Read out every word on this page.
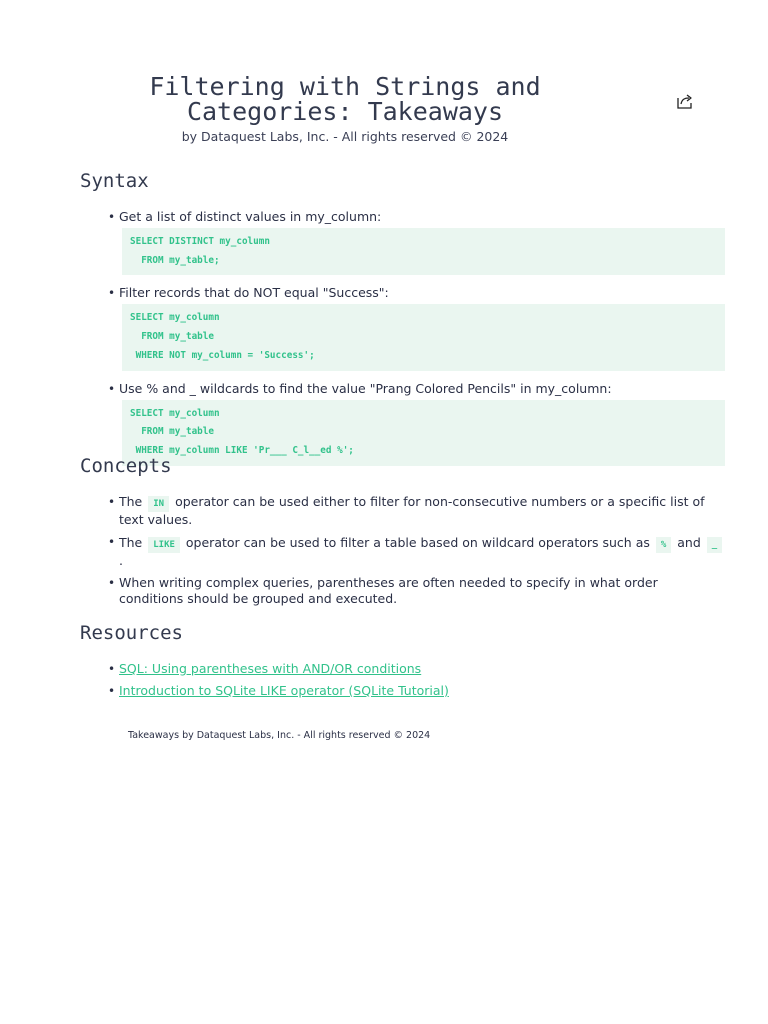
Filtering with Strings and
Categories: Takeaways
by Dataquest Labs, Inc. - All rights reserved © 2024
Syntax
• Get a list of distinct values in my_column:
SELECT DISTINCT my_column
FROM my_table;
• Filter records that do NOT equal "Success":
SELECT my_column
FROM my_table
WHERE NOT my_column = 'Success';
• Use % and _ wildcards to find the value "Prang Colored Pencils" in my_column:
SELECT my_column
FROM my_table
WHERE my_column LIKE 'Pr___ C_l__ed %';
Concepts
• The IN operator can be used either to filter for non-consecutive numbers or a specific list of text values.
• The LIKE operator can be used to filter a table based on wildcard operators such as % and _.
• When writing complex queries, parentheses are often needed to specify in what order conditions should be grouped and executed.
Resources
• SQL: Using parentheses with AND/OR conditions
• Introduction to SQLite LIKE operator (SQLite Tutorial)
Takeaways by Dataquest Labs, Inc. - All rights reserved © 2024
